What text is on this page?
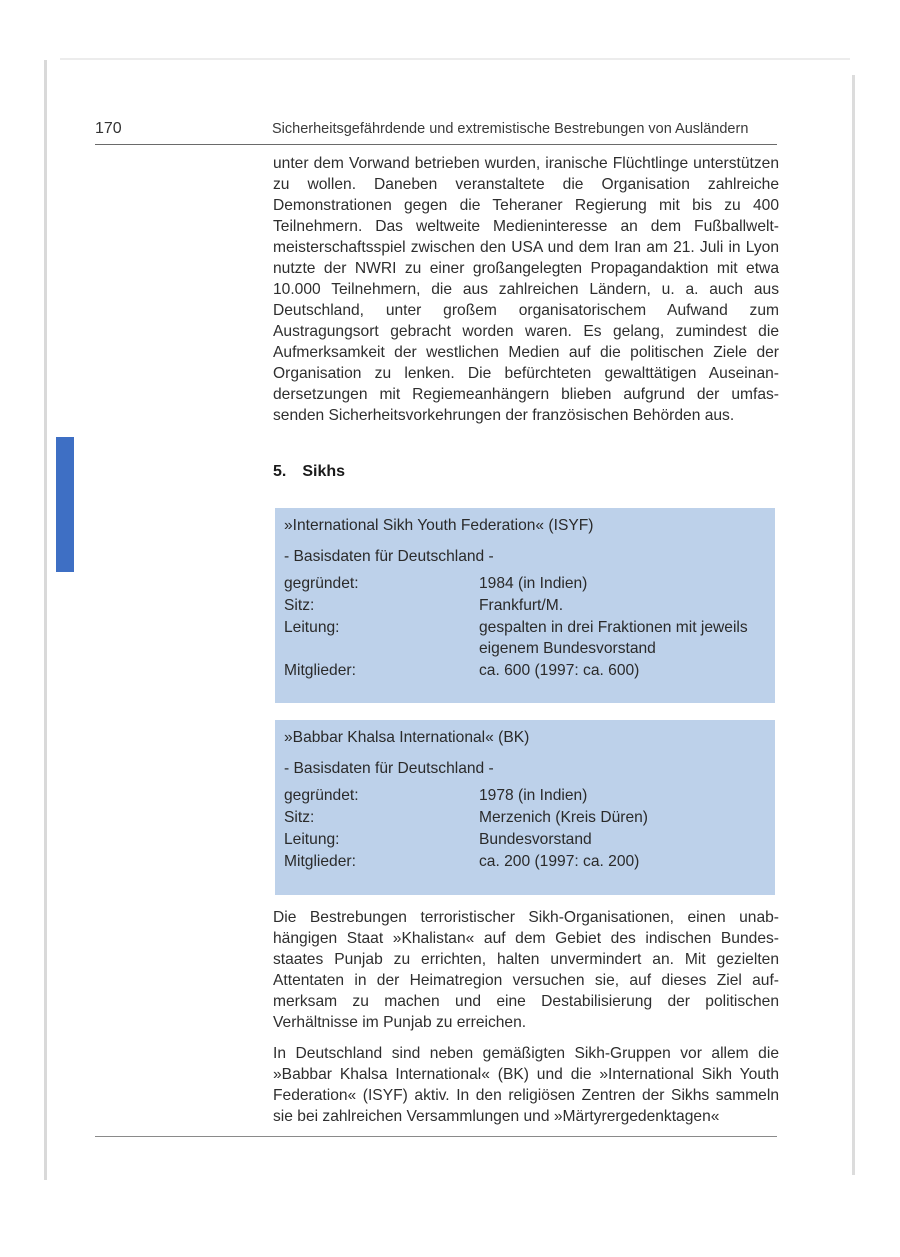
170	Sicherheitsgefährdende und extremistische Bestrebungen von Ausländern
unter dem Vorwand betrieben wurden, iranische Flüchtlinge unterstützen zu wollen. Daneben veranstaltete die Organisation zahlreiche Demonstrationen gegen die Teheraner Regierung mit bis zu 400 Teilnehmern. Das weltweite Medieninteresse an dem Fußballweltmeisterschaftsspiel zwischen den USA und dem Iran am 21. Juli in Lyon nutzte der NWRI zu einer großangelegten Propagandaktion mit etwa 10.000 Teilnehmern, die aus zahlreichen Ländern, u. a. auch aus Deutschland, unter großem organisatorischem Aufwand zum Austragungsort gebracht worden waren. Es gelang, zumindest die Aufmerksamkeit der westlichen Medien auf die politischen Ziele der Organisation zu lenken. Die befürchteten gewalttätigen Auseinandersetzungen mit Regiemeanhängern blieben aufgrund der umfassenden Sicherheitsvorkehrungen der französischen Behörden aus.
5. Sikhs
»International Sikh Youth Federation« (ISYF)
- Basisdaten für Deutschland -
gegründet:	1984 (in Indien)
Sitz:	Frankfurt/M.
Leitung:	gespalten in drei Fraktionen mit jeweils eigenem Bundesvorstand
Mitglieder:	ca. 600 (1997: ca. 600)
»Babbar Khalsa International« (BK)
- Basisdaten für Deutschland -
gegründet:	1978 (in Indien)
Sitz:	Merzenich (Kreis Düren)
Leitung:	Bundesvorstand
Mitglieder:	ca. 200 (1997: ca. 200)
Die Bestrebungen terroristischer Sikh-Organisationen, einen unabhängigen Staat »Khalistan« auf dem Gebiet des indischen Bundesstaates Punjab zu errichten, halten unvermindert an. Mit gezielten Attentaten in der Heimatregion versuchen sie, auf dieses Ziel aufmerksam zu machen und eine Destabilisierung der politischen Verhältnisse im Punjab zu erreichen.
In Deutschland sind neben gemäßigten Sikh-Gruppen vor allem die »Babbar Khalsa International« (BK) und die »International Sikh Youth Federation« (ISYF) aktiv. In den religiösen Zentren der Sikhs sammeln sie bei zahlreichen Versammlungen und »Märtyrergedenktagen«
